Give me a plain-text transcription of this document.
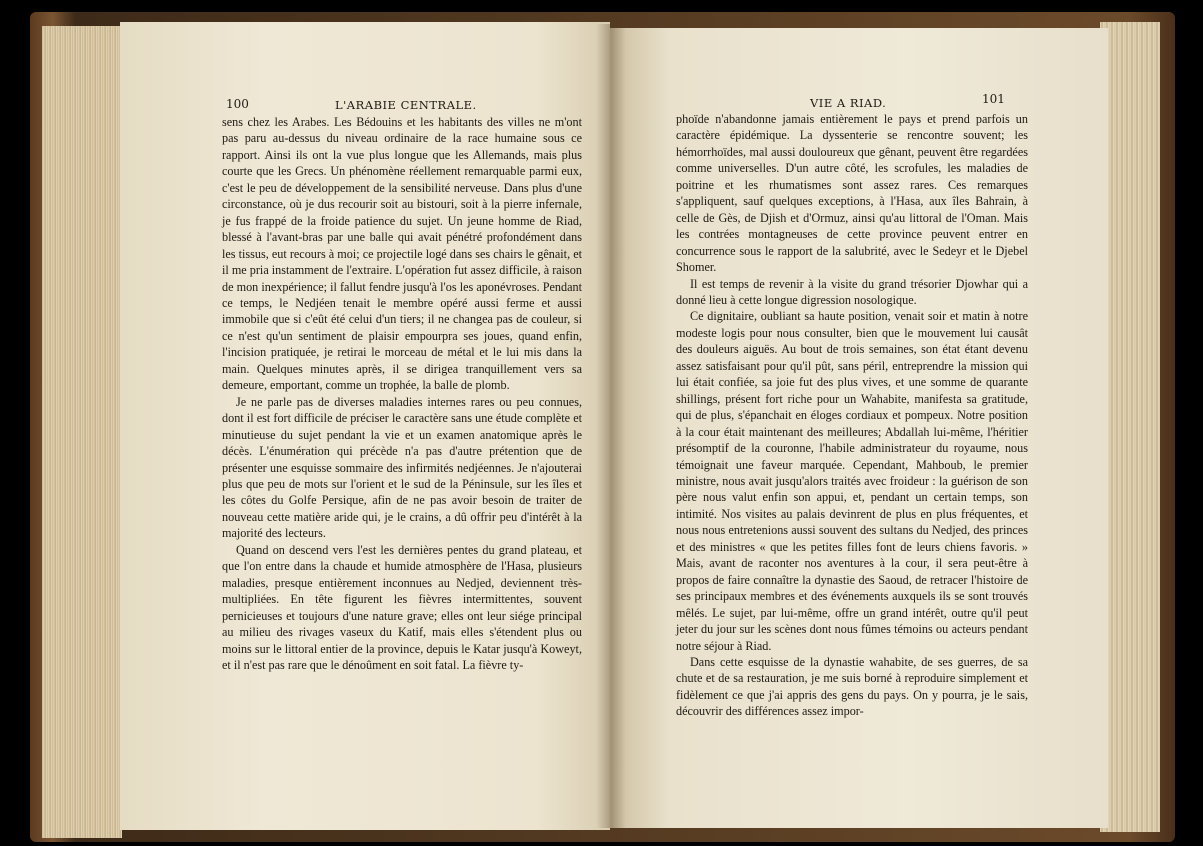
100	L'ARABIE CENTRALE.

sens chez les Arabes. Les Bédouins et les habitants des villes ne m'ont pas paru au-dessus du niveau ordinaire de la race humaine sous ce rapport. Ainsi ils ont la vue plus longue que les Allemands, mais plus courte que les Grecs. Un phénomène réellement remarquable parmi eux, c'est le peu de développement de la sensibilité nerveuse. Dans plus d'une circonstance, où je dus recourir soit au bistouri, soit à la pierre infernale, je fus frappé de la froide patience du sujet. Un jeune homme de Riad, blessé à l'avant-bras par une balle qui avait pénétré profondément dans les tissus, eut recours à moi; ce projectile logé dans ses chairs le gênait, et il me pria instamment de l'extraire. L'opération fut assez difficile, à raison de mon inexpérience; il fallut fendre jusqu'à l'os les aponévroses. Pendant ce temps, le Nedjéen tenait le membre opéré aussi ferme et aussi immobile que si c'eût été celui d'un tiers; il ne changea pas de couleur, si ce n'est qu'un sentiment de plaisir empourpra ses joues, quand enfin, l'incision pratiquée, je retirai le morceau de métal et le lui mis dans la main. Quelques minutes après, il se dirigea tranquillement vers sa demeure, emportant, comme un trophée, la balle de plomb.

Je ne parle pas de diverses maladies internes rares ou peu connues, dont il est fort difficile de préciser le caractère sans une étude complète et minutieuse du sujet pendant la vie et un examen anatomique après le décès. L'énumération qui précède n'a pas d'autre prétention que de présenter une esquisse sommaire des infirmités nedjéennes. Je n'ajouterai plus que peu de mots sur l'orient et le sud de la Péninsule, sur les îles et les côtes du Golfe Persique, afin de ne pas avoir besoin de traiter de nouveau cette matière aride qui, je le crains, a dû offrir peu d'intérêt à la majorité des lecteurs.

Quand on descend vers l'est les dernières pentes du grand plateau, et que l'on entre dans la chaude et humide atmosphère de l'Hasa, plusieurs maladies, presque entièrement inconnues au Nedjed, deviennent très-multipliées. En tête figurent les fièvres intermittentes, souvent pernicieuses et toujours d'une nature grave; elles ont leur siége principal au milieu des rivages vaseux du Katif, mais elles s'étendent plus ou moins sur le littoral entier de la province, depuis le Katar jusqu'à Koweyt, et il n'est pas rare que le dénoûment en soit fatal. La fièvre ty-

VIE A RIAD.	101

phoïde n'abandonne jamais entièrement le pays et prend parfois un caractère épidémique. La dyssenterie se rencontre souvent; les hémorrhoïdes, mal aussi douloureux que gênant, peuvent être regardées comme universelles. D'un autre côté, les scrofules, les maladies de poitrine et les rhumatismes sont assez rares. Ces remarques s'appliquent, sauf quelques exceptions, à l'Hasa, aux îles Bahrain, à celle de Gès, de Djish et d'Ormuz, ainsi qu'au littoral de l'Oman. Mais les contrées montagneuses de cette province peuvent entrer en concurrence sous le rapport de la salubrité, avec le Sedeyr et le Djebel Shomer.

Il est temps de revenir à la visite du grand trésorier Djowhar qui a donné lieu à cette longue digression nosologique.

Ce dignitaire, oubliant sa haute position, venait soir et matin à notre modeste logis pour nous consulter, bien que le mouvement lui causât des douleurs aiguës. Au bout de trois semaines, son état étant devenu assez satisfaisant pour qu'il pût, sans péril, entreprendre la mission qui lui était confiée, sa joie fut des plus vives, et une somme de quarante shillings, présent fort riche pour un Wahabite, manifesta sa gratitude, qui de plus, s'épanchait en éloges cordiaux et pompeux. Notre position à la cour était maintenant des meilleures; Abdallah lui-même, l'héritier présomptif de la couronne, l'habile administrateur du royaume, nous témoignait une faveur marquée. Cependant, Mahboub, le premier ministre, nous avait jusqu'alors traités avec froideur : la guérison de son père nous valut enfin son appui, et, pendant un certain temps, son intimité. Nos visites au palais devinrent de plus en plus fréquentes, et nous nous entretenions aussi souvent des sultans du Nedjed, des princes et des ministres « que les petites filles font de leurs chiens favoris. » Mais, avant de raconter nos aventures à la cour, il sera peut-être à propos de faire connaître la dynastie des Saoud, de retracer l'histoire de ses principaux membres et des événements auxquels ils se sont trouvés mêlés. Le sujet, par lui-même, offre un grand intérêt, outre qu'il peut jeter du jour sur les scènes dont nous fûmes témoins ou acteurs pendant notre séjour à Riad.

Dans cette esquisse de la dynastie wahabite, de ses guerres, de sa chute et de sa restauration, je me suis borné à reproduire simplement et fidèlement ce que j'ai appris des gens du pays. On y pourra, je le sais, découvrir des différences assez impor-
